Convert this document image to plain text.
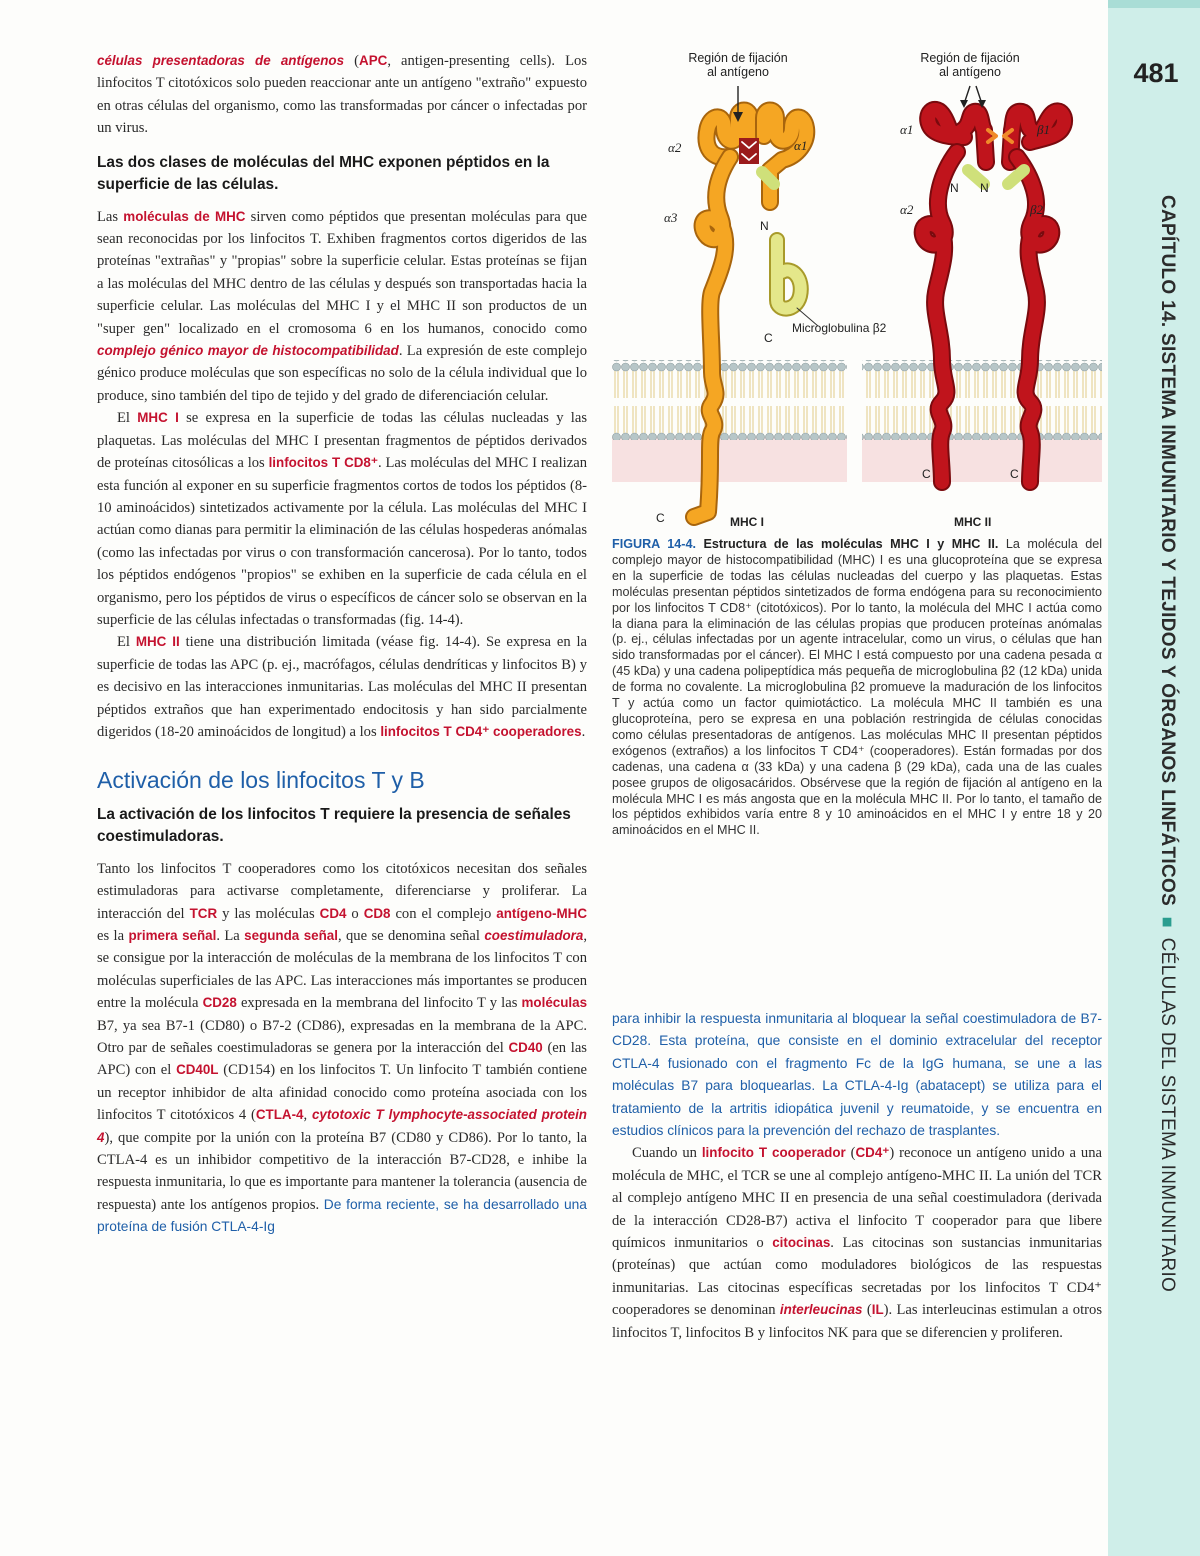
481
CAPÍTULO 14. SISTEMA INMUNITARIO Y TEJIDOS Y ÓRGANOS LINFÁTICOS ■ CÉLULAS DEL SISTEMA INMUNITARIO

células presentadoras de antígenos (APC, antigen-presenting cells). Los linfocitos T citotóxicos solo pueden reaccionar ante un antígeno "extraño" expuesto en otras células del organismo, como las transformadas por cáncer o infectadas por un virus.

Las dos clases de moléculas del MHC exponen péptidos en la superficie de las células.

Las moléculas de MHC sirven como péptidos que presentan moléculas para que sean reconocidas por los linfocitos T. Exhiben fragmentos cortos digeridos de las proteínas "extrañas" y "propias" sobre la superficie celular. Estas proteínas se fijan a las moléculas del MHC dentro de las células y después son transportadas hacia la superficie celular. Las moléculas del MHC I y el MHC II son productos de un "super gen" localizado en el cromosoma 6 en los humanos, conocido como complejo génico mayor de histocompatibilidad. La expresión de este complejo génico produce moléculas que son específicas no solo de la célula individual que lo produce, sino también del tipo de tejido y del grado de diferenciación celular.

El MHC I se expresa en la superficie de todas las células nucleadas y las plaquetas. Las moléculas del MHC I presentan fragmentos de péptidos derivados de proteínas citosólicas a los linfocitos T CD8⁺. Las moléculas del MHC I realizan esta función al exponer en su superficie fragmentos cortos de todos los péptidos (8-10 aminoácidos) sintetizados activamente por la célula. Las moléculas del MHC I actúan como dianas para permitir la eliminación de las células hospederas anómalas (como las infectadas por virus o con transformación cancerosa). Por lo tanto, todos los péptidos endógenos "propios" se exhiben en la superficie de cada célula en el organismo, pero los péptidos de virus o específicos de cáncer solo se observan en la superficie de las células infectadas o transformadas (fig. 14-4).

El MHC II tiene una distribución limitada (véase fig. 14-4). Se expresa en la superficie de todas las APC (p. ej., macrófagos, células dendríticas y linfocitos B) y es decisivo en las interacciones inmunitarias. Las moléculas del MHC II presentan péptidos extraños que han experimentado endocitosis y han sido parcialmente digeridos (18-20 aminoácidos de longitud) a los linfocitos T CD4⁺ cooperadores.

Activación de los linfocitos T y B

La activación de los linfocitos T requiere la presencia de señales coestimuladoras.

Tanto los linfocitos T cooperadores como los citotóxicos necesitan dos señales estimuladoras para activarse completamente, diferenciarse y proliferar. La interacción del TCR y las moléculas CD4 o CD8 con el complejo antígeno-MHC es la primera señal. La segunda señal, que se denomina señal coestimuladora, se consigue por la interacción de moléculas de la membrana de los linfocitos T con moléculas superficiales de las APC. Las interacciones más importantes se producen entre la molécula CD28 expresada en la membrana del linfocito T y las moléculas B7, ya sea B7-1 (CD80) o B7-2 (CD86), expresadas en la membrana de la APC. Otro par de señales coestimuladoras se genera por la interacción del CD40 (en las APC) con el CD40L (CD154) en los linfocitos T. Un linfocito T también contiene un receptor inhibidor de alta afinidad conocido como proteína asociada con los linfocitos T citotóxicos 4 (CTLA-4, cytotoxic T lymphocyte-associated protein 4), que compite por la unión con la proteína B7 (CD80 y CD86). Por lo tanto, la CTLA-4 es un inhibidor competitivo de la interacción B7-CD28, e inhibe la respuesta inmunitaria, lo que es importante para mantener la tolerancia (ausencia de respuesta) ante los antígenos propios. De forma reciente, se ha desarrollado una proteína de fusión CTLA-4-Ig

Región de fijación
al antígeno
Región de fijación
al antígeno
α2	α1
α3
α1	β1
α2	β2
N
C
N N
C	C
C
Microglobulina β2
MHC I	MHC II
FIGURA 14-4. Estructura de las moléculas MHC I y MHC II. La molécula del complejo mayor de histocompatibilidad (MHC) I es una glucoproteína que se expresa en la superficie de todas las células nucleadas del cuerpo y las plaquetas. Estas moléculas presentan péptidos sintetizados de forma endógena para su reconocimiento por los linfocitos T CD8⁺ (citotóxicos). Por lo tanto, la molécula del MHC I actúa como la diana para la eliminación de las células propias que producen proteínas anómalas (p. ej., células infectadas por un agente intracelular, como un virus, o células que han sido transformadas por el cáncer). El MHC I está compuesto por una cadena pesada α (45 kDa) y una cadena polipeptídica más pequeña de microglobulina β2 (12 kDa) unida de forma no covalente. La microglobulina β2 promueve la maduración de los linfocitos T y actúa como un factor quimiotáctico. La molécula MHC II también es una glucoproteína, pero se expresa en una población restringida de células conocidas como células presentadoras de antígenos. Las moléculas MHC II presentan péptidos exógenos (extraños) a los linfocitos T CD4⁺ (cooperadores). Están formadas por dos cadenas, una cadena α (33 kDa) y una cadena β (29 kDa), cada una de las cuales posee grupos de oligosacáridos. Obsérvese que la región de fijación al antígeno en la molécula MHC I es más angosta que en la molécula MHC II. Por lo tanto, el tamaño de los péptidos exhibidos varía entre 8 y 10 aminoácidos en el MHC I y entre 18 y 20 aminoácidos en el MHC II.

para inhibir la respuesta inmunitaria al bloquear la señal coestimuladora de B7-CD28. Esta proteína, que consiste en el dominio extracelular del receptor CTLA-4 fusionado con el fragmento Fc de la IgG humana, se une a las moléculas B7 para bloquearlas. La CTLA-4-Ig (abatacept) se utiliza para el tratamiento de la artritis idiopática juvenil y reumatoide, y se encuentra en estudios clínicos para la prevención del rechazo de trasplantes.

Cuando un linfocito T cooperador (CD4⁺) reconoce un antígeno unido a una molécula de MHC, el TCR se une al complejo antígeno-MHC II. La unión del TCR al complejo antígeno MHC II en presencia de una señal coestimuladora (derivada de la interacción CD28-B7) activa el linfocito T cooperador para que libere químicos inmunitarios o citocinas. Las citocinas son sustancias inmunitarias (proteínas) que actúan como moduladores biológicos de las respuestas inmunitarias. Las citocinas específicas secretadas por los linfocitos T CD4⁺ cooperadores se denominan interleucinas (IL). Las interleucinas estimulan a otros linfocitos T, linfocitos B y linfocitos NK para que se diferencien y proliferen.
